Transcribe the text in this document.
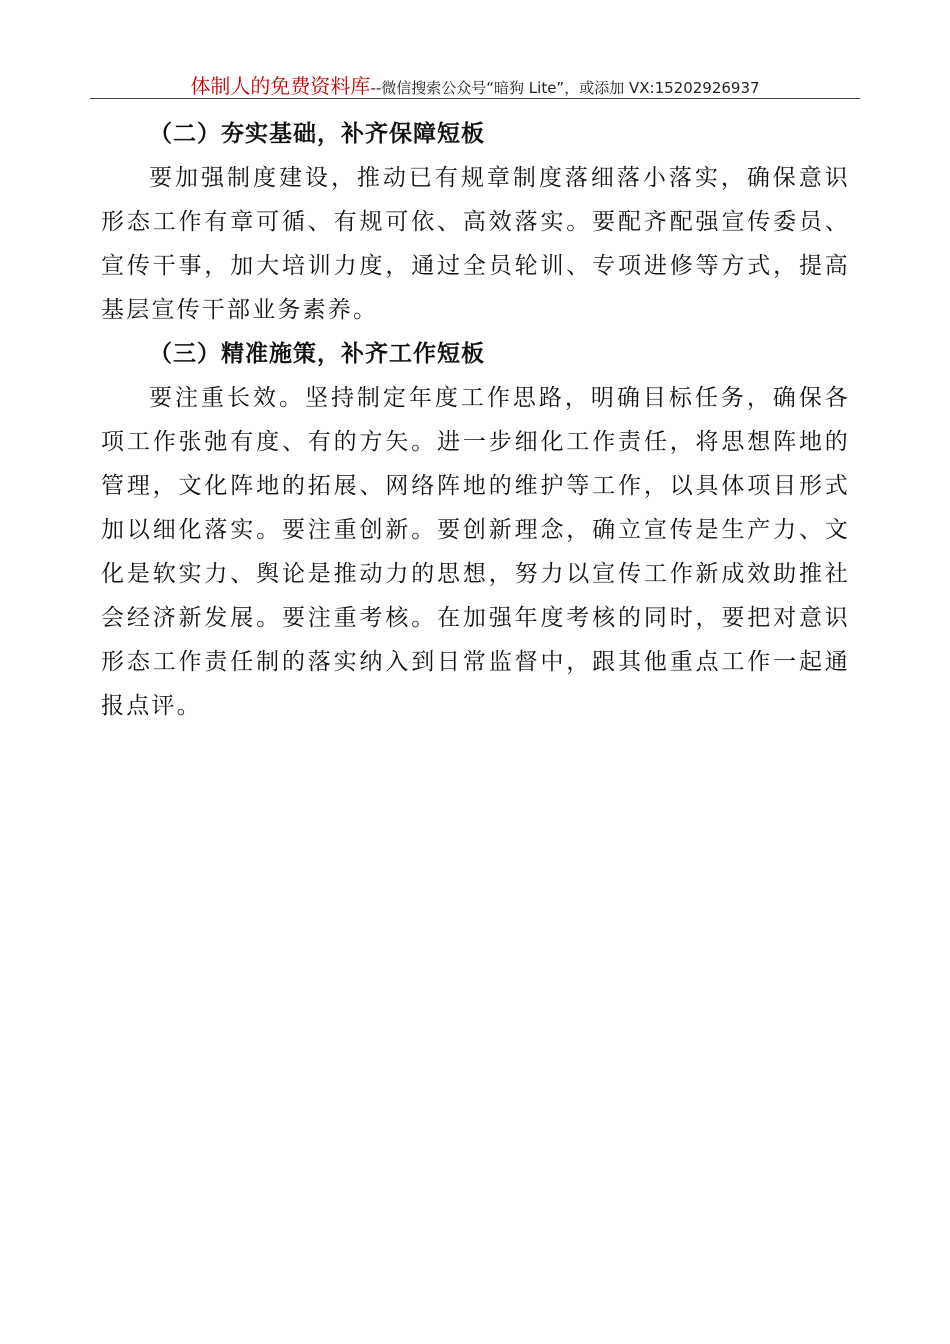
体制人的免费资料库--微信搜索公众号“暗狗 Lite”，或添加 VX:15202926937
（二）夯实基础，补齐保障短板

要加强制度建设，推动已有规章制度落细落小落实，确保意识形态工作有章可循、有规可依、高效落实。要配齐配强宣传委员、宣传干事，加大培训力度，通过全员轮训、专项进修等方式，提高基层宣传干部业务素养。

（三）精准施策，补齐工作短板

要注重长效。坚持制定年度工作思路，明确目标任务，确保各项工作张弛有度、有的方矢。进一步细化工作责任，将思想阵地的管理，文化阵地的拓展、网络阵地的维护等工作，以具体项目形式加以细化落实。要注重创新。要创新理念，确立宣传是生产力、文化是软实力、舆论是推动力的思想，努力以宣传工作新成效助推社会经济新发展。要注重考核。在加强年度考核的同时，要把对意识形态工作责任制的落实纳入到日常监督中，跟其他重点工作一起通报点评。
